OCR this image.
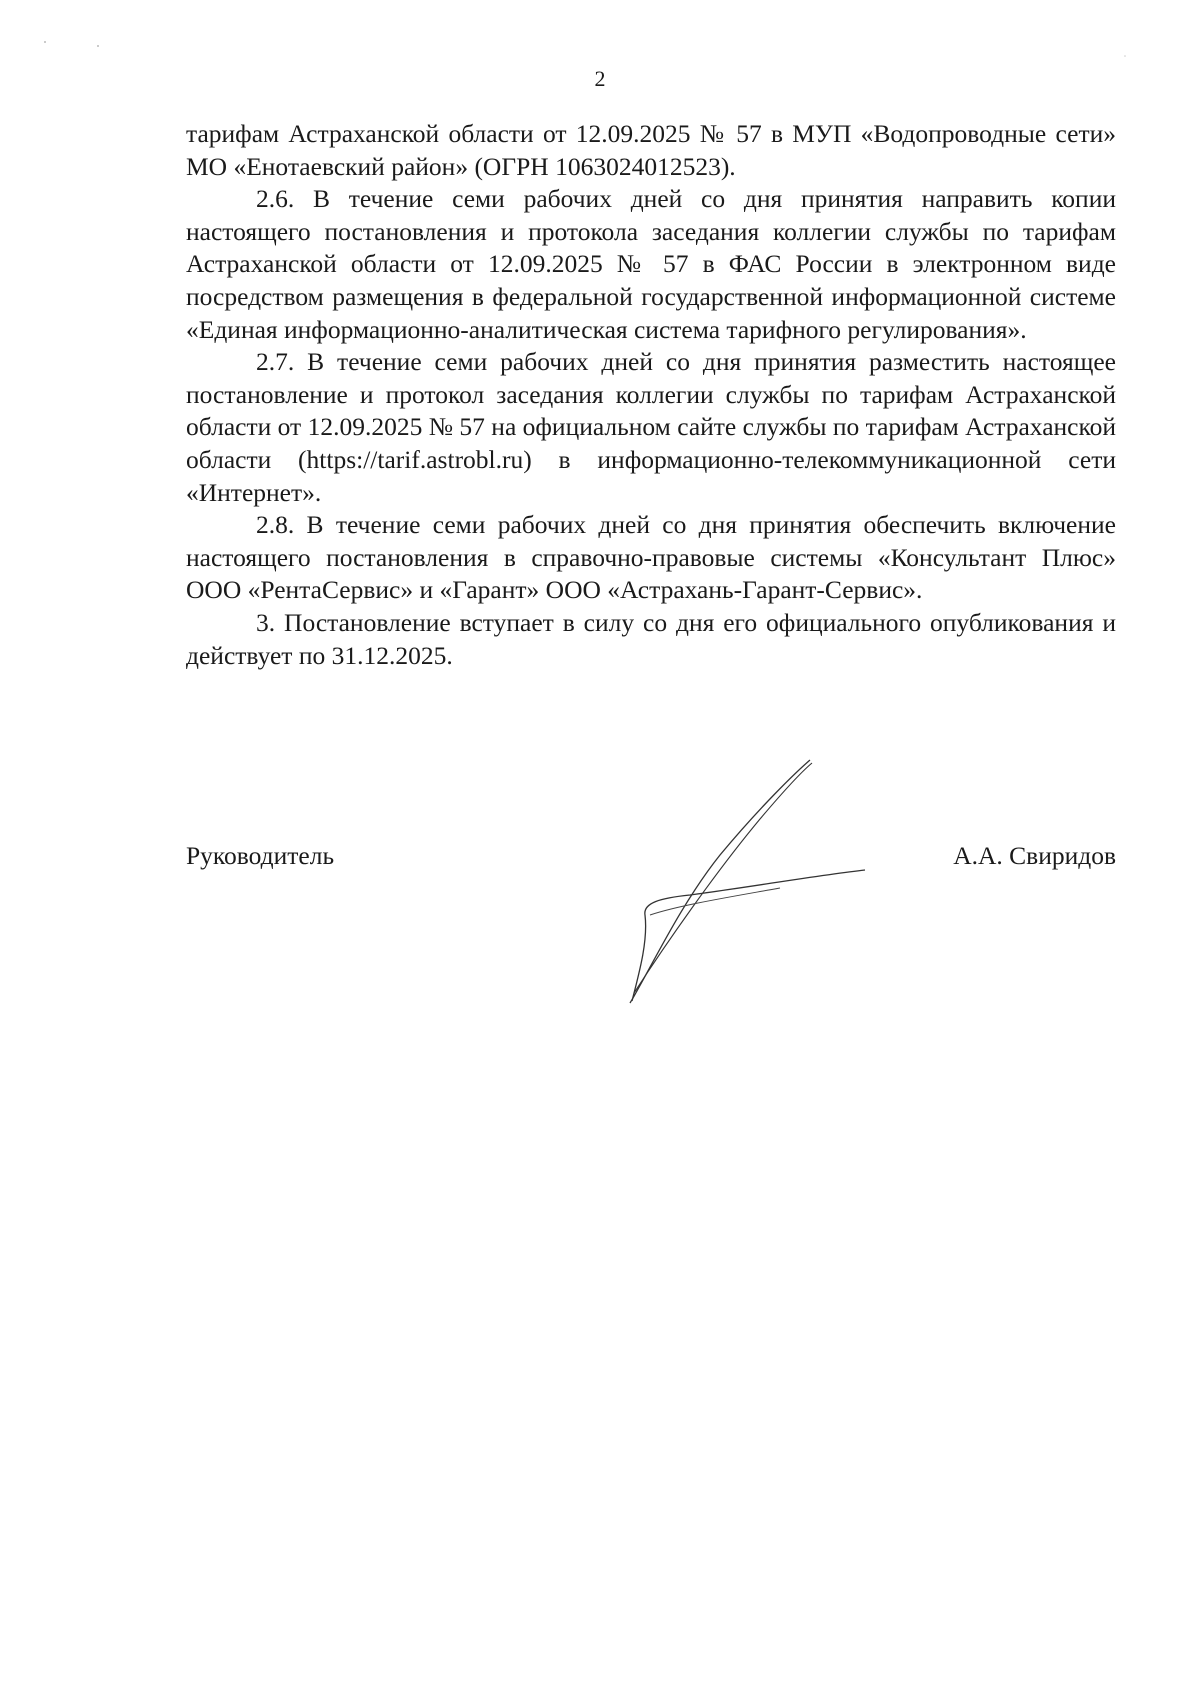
2

тарифам Астраханской области от 12.09.2025 № 57 в МУП «Водопроводные сети» МО «Енотаевский район» (ОГРН 1063024012523).

2.6. В течение семи рабочих дней со дня принятия направить копии настоящего постановления и протокола заседания коллегии службы по тарифам Астраханской области от 12.09.2025 № 57 в ФАС России в электронном виде посредством размещения в федеральной государственной информационной системе «Единая информационно-аналитическая система тарифного регулирования».

2.7. В течение семи рабочих дней со дня принятия разместить настоящее постановление и протокол заседания коллегии службы по тарифам Астраханской области от 12.09.2025 № 57 на официальном сайте службы по тарифам Астраханской области (https://tarif.astrobl.ru) в информационно-телекоммуникационной сети «Интернет».

2.8. В течение семи рабочих дней со дня принятия обеспечить включение настоящего постановления в справочно-правовые системы «Консультант Плюс» ООО «РентаСервис» и «Гарант» ООО «Астрахань-Гарант-Сервис».

3. Постановление вступает в силу со дня его официального опубликования и действует по 31.12.2025.

Руководитель	А.А. Свиридов
